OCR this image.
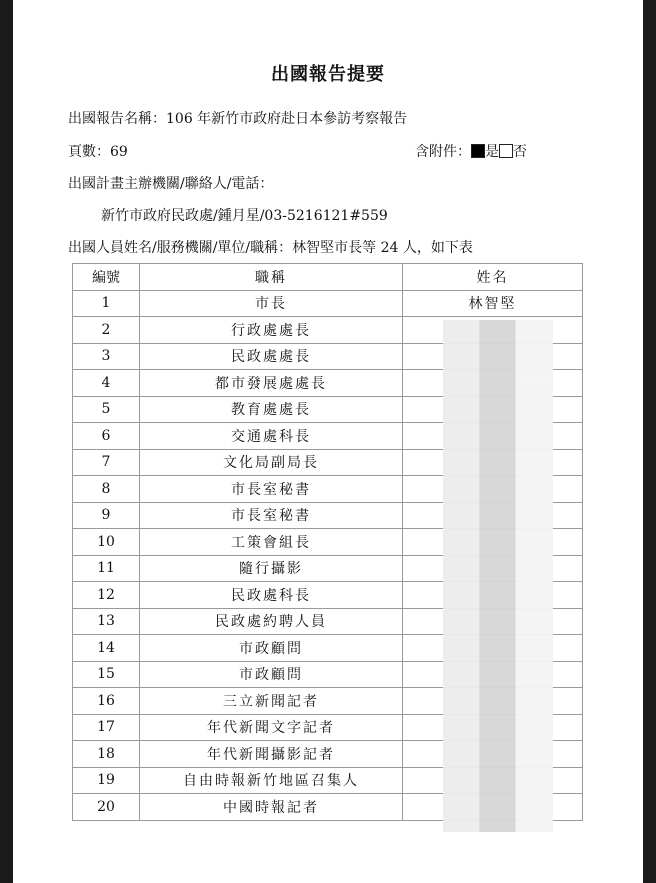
出國報告提要
出國報告名稱：106 年新竹市政府赴日本參訪考察報告
頁數：69	含附件： 是 否
出國計畫主辦機關/聯絡人/電話：
新竹市政府民政處/鍾月星/03-5216121#559
出國人員姓名/服務機關/單位/職稱：林智堅市長等 24 人，如下表
編號	職稱	姓名
1	市長	林智堅
2	行政處處長	
3	民政處處長	
4	都市發展處處長	
5	教育處處長	
6	交通處科長	
7	文化局副局長	
8	市長室秘書	
9	市長室秘書	
10	工策會組長	
11	隨行攝影	
12	民政處科長	
13	民政處約聘人員	
14	市政顧問	
15	市政顧問	
16	三立新聞記者	
17	年代新聞文字記者	
18	年代新聞攝影記者	
19	自由時報新竹地區召集人	
20	中國時報記者	
